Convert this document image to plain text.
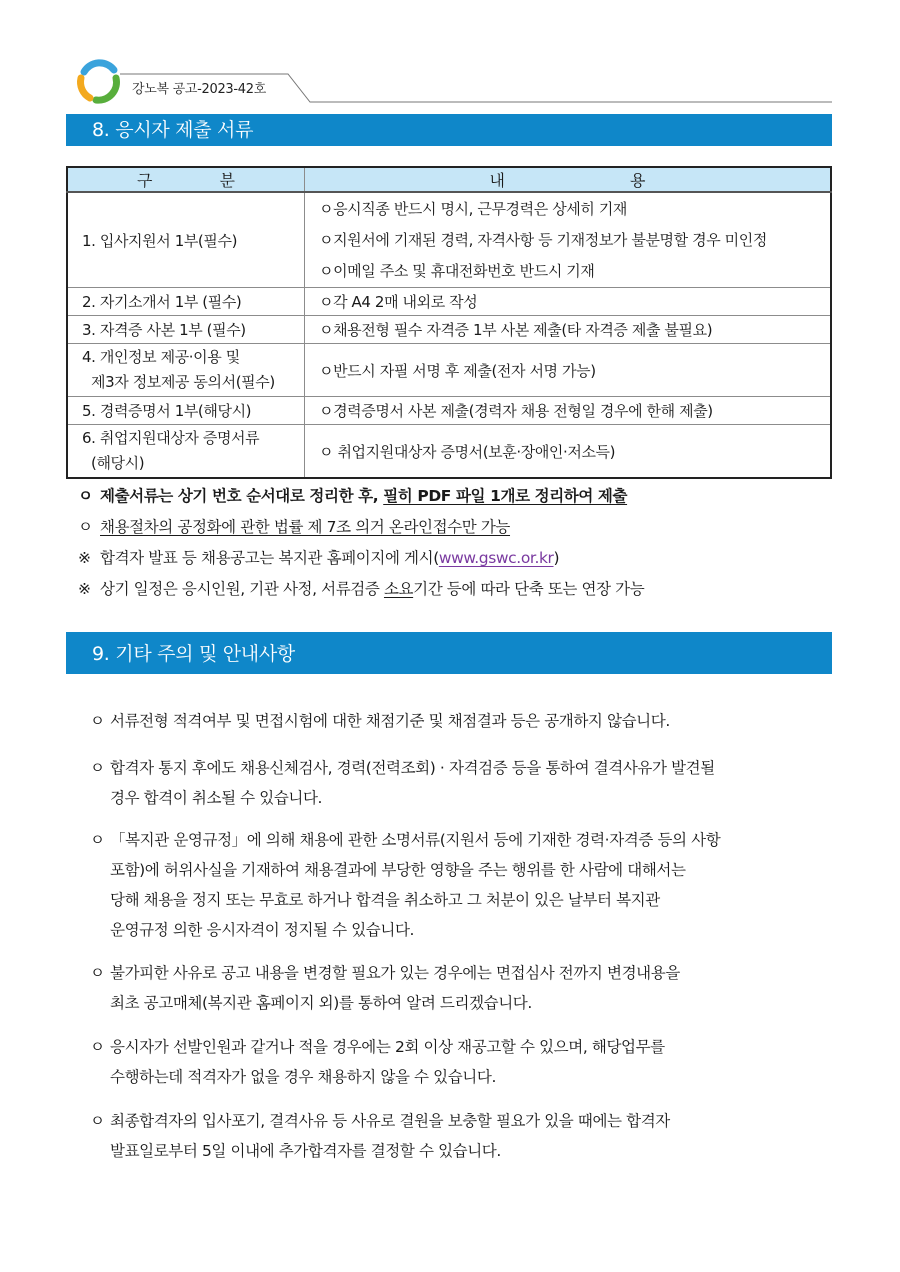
강노복 공고-2023-42호
8. 응시자 제출 서류
구 분	내 용
1. 입사지원서 1부(필수)	ㅇ응시직종 반드시 명시, 근무경력은 상세히 기재
ㅇ지원서에 기재된 경력, 자격사항 등 기재정보가 불분명할 경우 미인정
ㅇ이메일 주소 및 휴대전화번호 반드시 기재

2. 자기소개서 1부 (필수)	ㅇ각 A4 2매 내외로 작성
3. 자격증 사본 1부 (필수)	ㅇ채용전형 필수 자격증 1부 사본 제출(타 자격증 제출 불필요)

4. 개인정보 제공·이용 및
제3자 정보제공 동의서(필수)	ㅇ반드시 자필 서명 후 제출(전자 서명 가능)
5. 경력증명서 1부(해당시)	ㅇ경력증명서 사본 제출(경력자 채용 전형일 경우에 한해 제출)

6. 취업지원대상자 증명서류
(해당시)	ㅇ 취업지원대상자 증명서(보훈·장애인·저소득)
ㅇ 제출서류는 상기 번호 순서대로 정리한 후, 필히 PDF 파일 1개로 정리하여 제출
ㅇ 채용절차의 공정화에 관한 법률 제 7조 의거 온라인접수만 가능
※ 합격자 발표 등 채용공고는 복지관 홈페이지에 게시(www.gswc.or.kr)
※ 상기 일정은 응시인원, 기관 사정, 서류검증 소요기간 등에 따라 단축 또는 연장 가능
9. 기타 주의 및 안내사항
ㅇ 서류전형 적격여부 및 면접시험에 대한 채점기준 및 채점결과 등은 공개하지 않습니다.
ㅇ 합격자 통지 후에도 채용신체검사, 경력(전력조회) · 자격검증 등을 통하여 결격사유가 발견될
경우 합격이 취소될 수 있습니다.
ㅇ 「복지관 운영규정」에 의해 채용에 관한 소명서류(지원서 등에 기재한 경력·자격증 등의 사항
포함)에 허위사실을 기재하여 채용결과에 부당한 영향을 주는 행위를 한 사람에 대해서는
당해 채용을 정지 또는 무효로 하거나 합격을 취소하고 그 처분이 있은 날부터 복지관
운영규정 의한 응시자격이 정지될 수 있습니다.
ㅇ 불가피한 사유로 공고 내용을 변경할 필요가 있는 경우에는 면접심사 전까지 변경내용을
최초 공고매체(복지관 홈페이지 외)를 통하여 알려 드리겠습니다.
ㅇ 응시자가 선발인원과 같거나 적을 경우에는 2회 이상 재공고할 수 있으며, 해당업무를
수행하는데 적격자가 없을 경우 채용하지 않을 수 있습니다.
ㅇ 최종합격자의 입사포기, 결격사유 등 사유로 결원을 보충할 필요가 있을 때에는 합격자
발표일로부터 5일 이내에 추가합격자를 결정할 수 있습니다.
